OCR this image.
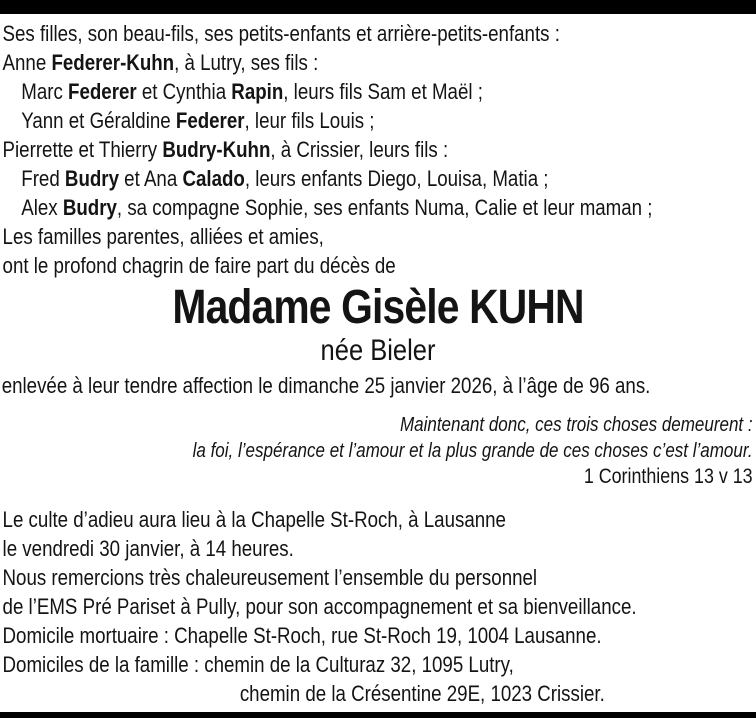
Ses filles, son beau-fils, ses petits-enfants et arrière-petits-enfants :
Anne Federer-Kuhn, à Lutry, ses fils :
Marc Federer et Cynthia Rapin, leurs fils Sam et Maël ;
Yann et Géraldine Federer, leur fils Louis ;
Pierrette et Thierry Budry-Kuhn, à Crissier, leurs fils :
Fred Budry et Ana Calado, leurs enfants Diego, Louisa, Matia ;
Alex Budry, sa compagne Sophie, ses enfants Numa, Calie et leur maman ;
Les familles parentes, alliées et amies,
ont le profond chagrin de faire part du décès de
Madame Gisèle KUHN
née Bieler
enlevée à leur tendre affection le dimanche 25 janvier 2026, à l’âge de 96 ans.
Maintenant donc, ces trois choses demeurent :
la foi, l’espérance et l’amour et la plus grande de ces choses c’est l’amour.
1 Corinthiens 13 v 13
Le culte d’adieu aura lieu à la Chapelle St-Roch, à Lausanne
le vendredi 30 janvier, à 14 heures.
Nous remercions très chaleureusement l’ensemble du personnel
de l’EMS Pré Pariset à Pully, pour son accompagnement et sa bienveillance.
Domicile mortuaire : Chapelle St-Roch, rue St-Roch 19, 1004 Lausanne.
Domiciles de la famille : chemin de la Culturaz 32, 1095 Lutry,
chemin de la Crésentine 29E, 1023 Crissier.
